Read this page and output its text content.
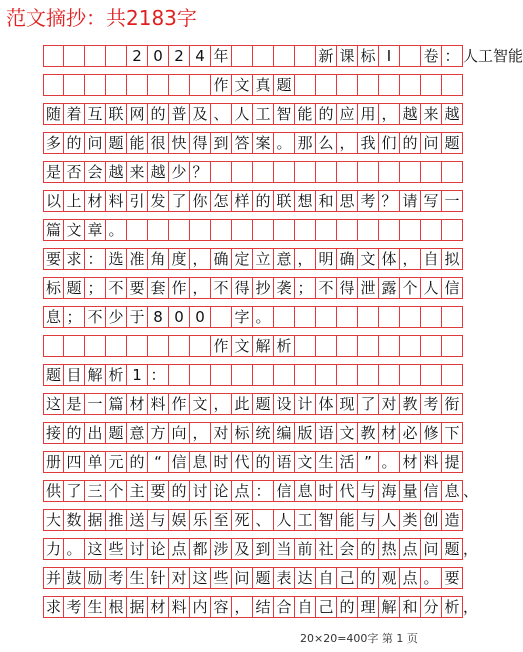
范文摘抄：共2183字
2 0 2 4 年	新 课 标 Ⅰ	卷 ： 人工智能
作 文 真 题
随 着 互 联 网 的 普 及 、 人 工 智 能 的 应 用 ， 越 来 越
多 的 问 题 能 很 快 得 到 答 案 。 那 么 ， 我 们 的 问 题
是 否 会 越 来 越 少 ？
以 上 材 料 引 发 了 你 怎 样 的 联 想 和 思 考 ？ 请 写 一
篇 文 章 。
要 求 ： 选 准 角 度 ， 确 定 立 意 ， 明 确 文 体 ， 自 拟
标 题 ； 不 要 套 作 ， 不 得 抄 袭 ； 不 得 泄 露 个 人 信
息 ； 不 少 于 8 0 0	字 。
作 文 解 析
题 目 解 析 1 ：
这 是 一 篇 材 料 作 文 ， 此 题 设 计 体 现 了 对 教 考 衔
接 的 出 题 意 方 向 ， 对 标 统 编 版 语 文 教 材 必 修 下
册 四 单 元 的 “ 信 息 时 代 的 语 文 生 活 ” 。 材 料 提
供 了 三 个 主 要 的 讨 论 点 ： 信 息 时 代 与 海 量 信 息 、
大 数 据 推 送 与 娱 乐 至 死 、 人 工 智 能 与 人 类 创 造
力 。 这 些 讨 论 点 都 涉 及 到 当 前 社 会 的 热 点 问 题 ，
并 鼓 励 考 生 针 对 这 些 问 题 表 达 自 己 的 观 点 。 要
求 考 生 根 据 材 料 内 容 ， 结 合 自 己 的 理 解 和 分 析 ，
20×20=400字 第 1 页
